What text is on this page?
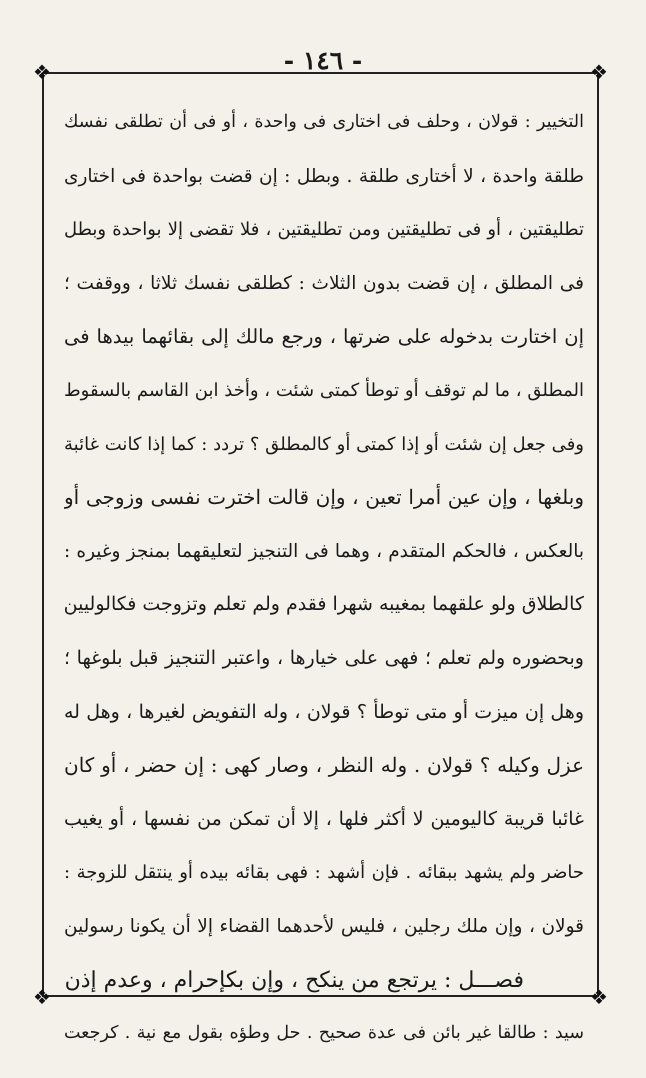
- ١٤٦ -
❖	❖
❖	❖
التخيير : قولان ، وحلف فى اختارى فى واحدة ، أو فى أن تطلقى نفسك
طلقة واحدة ، لا أختارى طلقة . وبطل : إن قضت بواحدة فى اختارى
تطليقتين ، أو فى تطليقتين ومن تطليقتين ، فلا تقضى إلا بواحدة وبطل
فى المطلق ، إن قضت بدون الثلاث : كطلقى نفسك ثلاثا ، ووقفت ؛
إن اختارت بدخوله على ضرتها ، ورجع مالك إلى بقائهما بيدها فى
المطلق ، ما لم توقف أو توطأ كمتى شئت ، وأخذ ابن القاسم بالسقوط
وفى جعل إن شئت أو إذا كمتى أو كالمطلق ؟ تردد : كما إذا كانت غائبة
وبلغها ، وإن عين أمرا تعين ، وإن قالت اخترت نفسى وزوجى أو
بالعكس ، فالحكم المتقدم ، وهما فى التنجيز لتعليقهما بمنجز وغيره :
كالطلاق ولو علقهما بمغيبه شهرا فقدم ولم تعلم وتزوجت فكالوليين
وبحضوره ولم تعلم ؛ فهى على خيارها ، واعتبر التنجيز قبل بلوغها ؛
وهل إن ميزت أو متى توطأ ؟ قولان ، وله التفويض لغيرها ، وهل له
عزل وكيله ؟ قولان . وله النظر ، وصار كهى : إن حضر ، أو كان
غائبا قريبة كاليومين لا أكثر فلها ، إلا أن تمكن من نفسها ، أو يغيب
حاضر ولم يشهد ببقائه . فإن أشهد : فهى بقائه بيده أو ينتقل للزوجة :
قولان ، وإن ملك رجلين ، فليس لأحدهما القضاء إلا أن يكونا رسولين
فصـــل : يرتجع من ينكح ، وإن بكإحرام ، وعدم إذن
سيد : طالقا غير بائن فى عدة صحيح . حل وطؤه بقول مع نية . كرجعت
